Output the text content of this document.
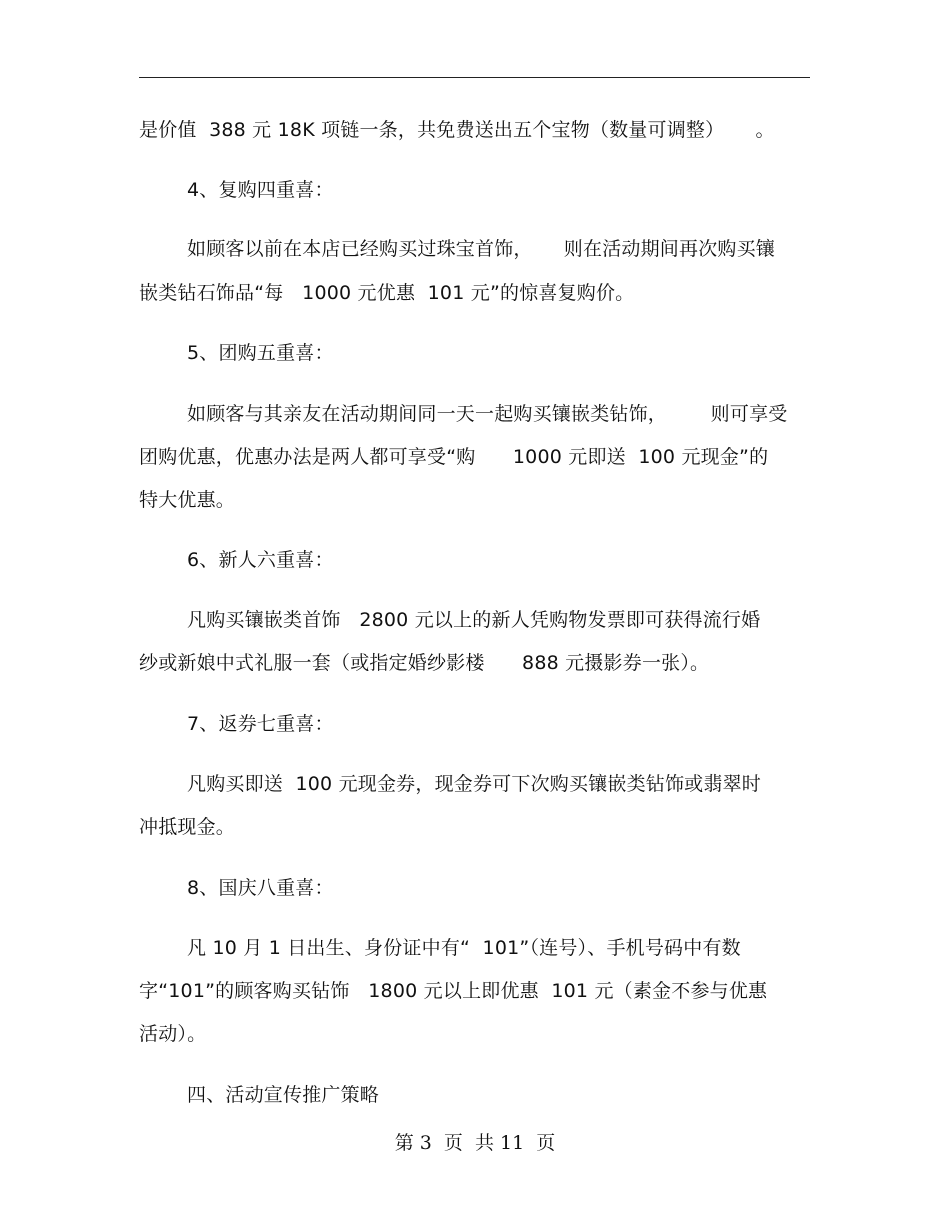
是价值  388 元 18K 项链一条，共免费送出五个宝物（数量可调整）     。
4、复购四重喜：
如顾客以前在本店已经购买过珠宝首饰，     则在活动期间再次购买镶
嵌类钻石饰品“每   1000 元优惠  101 元”的惊喜复购价。
5、团购五重喜：
如顾客与其亲友在活动期间同一天一起购买镶嵌类钻饰，       则可享受
团购优惠，优惠办法是两人都可享受“购      1000 元即送  100 元现金”的
特大优惠。
6、新人六重喜：
凡购买镶嵌类首饰   2800 元以上的新人凭购物发票即可获得流行婚
纱或新娘中式礼服一套（或指定婚纱影楼      888 元摄影券一张）。
7、返券七重喜：
凡购买即送  100 元现金券，现金券可下次购买镶嵌类钻饰或翡翠时
冲抵现金。
8、国庆八重喜：
凡 10 月 1 日出生、身份证中有“  101”（连号）、手机号码中有数
字“101”的顾客购买钻饰   1800 元以上即优惠  101 元（素金不参与优惠
活动）。
四、活动宣传推广策略
第 3  页  共 11  页
